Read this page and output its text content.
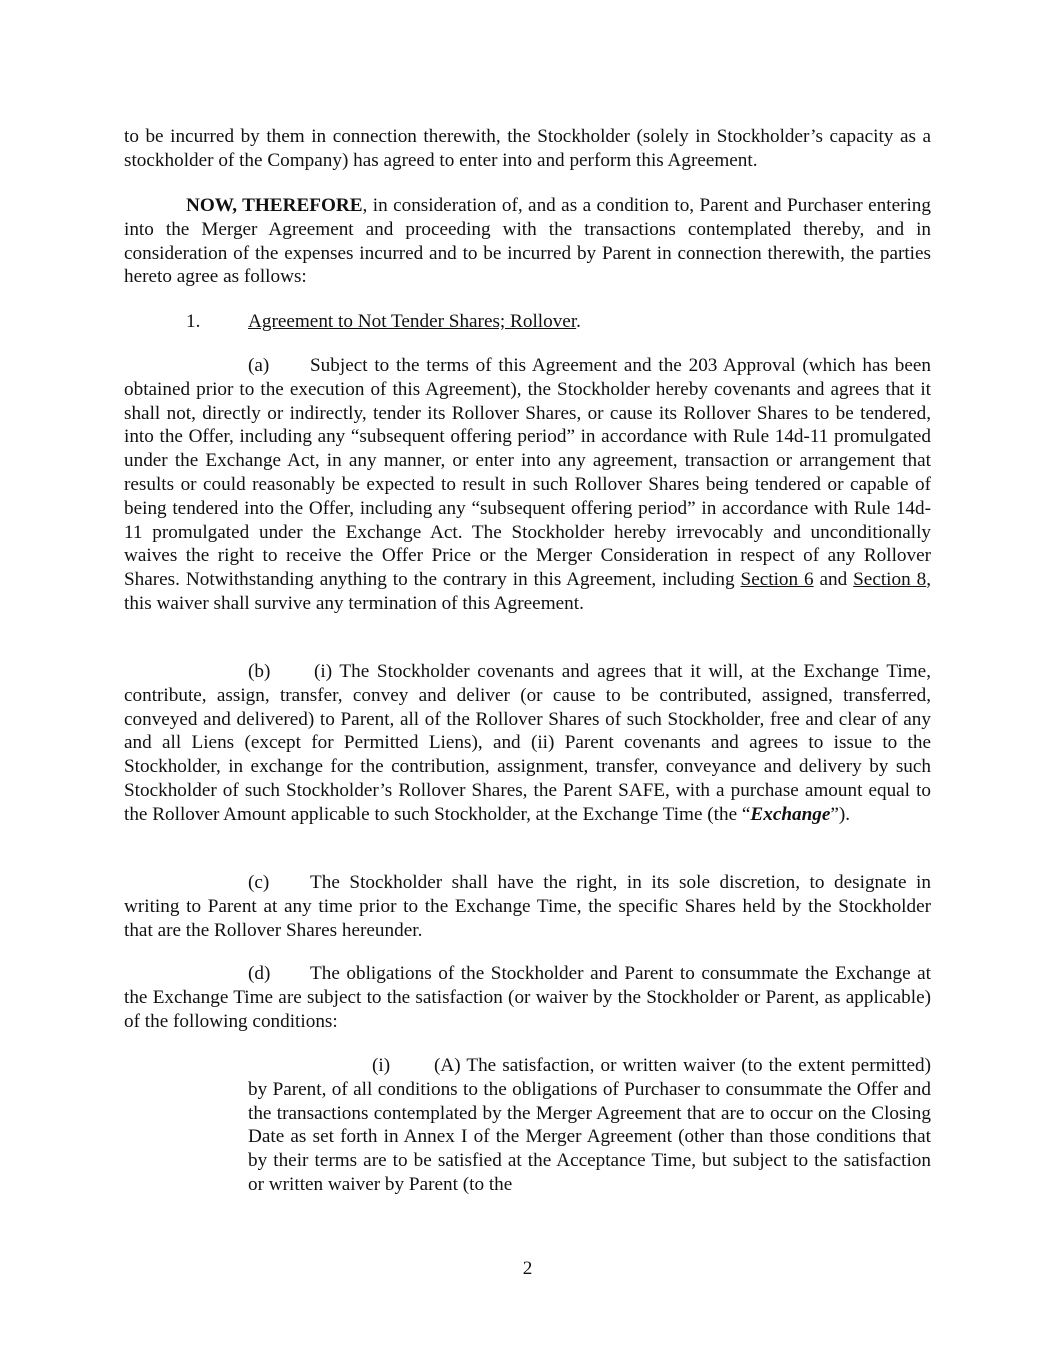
to be incurred by them in connection therewith, the Stockholder (solely in Stockholder’s capacity as a stockholder of the Company) has agreed to enter into and perform this Agreement.

NOW, THEREFORE, in consideration of, and as a condition to, Parent and Purchaser entering into the Merger Agreement and proceeding with the transactions contemplated thereby, and in consideration of the expenses incurred and to be incurred by Parent in connection therewith, the parties hereto agree as follows:

1. Agreement to Not Tender Shares; Rollover.

(a) Subject to the terms of this Agreement and the 203 Approval (which has been obtained prior to the execution of this Agreement), the Stockholder hereby covenants and agrees that it shall not, directly or indirectly, tender its Rollover Shares, or cause its Rollover Shares to be tendered, into the Offer, including any “subsequent offering period” in accordance with Rule 14d-11 promulgated under the Exchange Act, in any manner, or enter into any agreement, transaction or arrangement that results or could reasonably be expected to result in such Rollover Shares being tendered or capable of being tendered into the Offer, including any “subsequent offering period” in accordance with Rule 14d-11 promulgated under the Exchange Act. The Stockholder hereby irrevocably and unconditionally waives the right to receive the Offer Price or the Merger Consideration in respect of any Rollover Shares. Notwithstanding anything to the contrary in this Agreement, including Section 6 and Section 8, this waiver shall survive any termination of this Agreement.

(b) (i) The Stockholder covenants and agrees that it will, at the Exchange Time, contribute, assign, transfer, convey and deliver (or cause to be contributed, assigned, transferred, conveyed and delivered) to Parent, all of the Rollover Shares of such Stockholder, free and clear of any and all Liens (except for Permitted Liens), and (ii) Parent covenants and agrees to issue to the Stockholder, in exchange for the contribution, assignment, transfer, conveyance and delivery by such Stockholder of such Stockholder’s Rollover Shares, the Parent SAFE, with a purchase amount equal to the Rollover Amount applicable to such Stockholder, at the Exchange Time (the “Exchange”).

(c) The Stockholder shall have the right, in its sole discretion, to designate in writing to Parent at any time prior to the Exchange Time, the specific Shares held by the Stockholder that are the Rollover Shares hereunder.

(d) The obligations of the Stockholder and Parent to consummate the Exchange at the Exchange Time are subject to the satisfaction (or waiver by the Stockholder or Parent, as applicable) of the following conditions:

(i) (A) The satisfaction, or written waiver (to the extent permitted) by Parent, of all conditions to the obligations of Purchaser to consummate the Offer and the transactions contemplated by the Merger Agreement that are to occur on the Closing Date as set forth in Annex I of the Merger Agreement (other than those conditions that by their terms are to be satisfied at the Acceptance Time, but subject to the satisfaction or written waiver by Parent (to the

2
